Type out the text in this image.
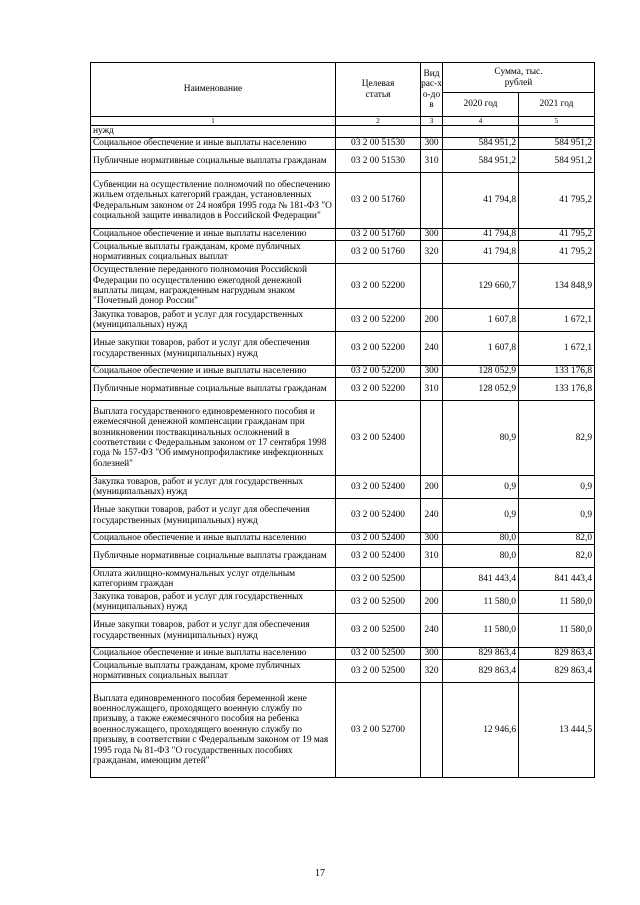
Наименование	Целевая статья	Вид рас-хо-дов	Сумма, тыс. рублей	
			2020 год	2021 год
1	2	3	4	5
нужд				
Социальное обеспечение и иные выплаты населению	03 2 00 51530	300	584 951,2	584 951,2
Публичные нормативные социальные выплаты гражданам	03 2 00 51530	310	584 951,2	584 951,2
Субвенции на осуществление полномочий по обеспечению жильем отдельных категорий граждан, установленных Федеральным законом от 24 ноября 1995 года № 181-ФЗ "О социальной защите инвалидов в Российской Федерации"	03 2 00 51760		41 794,8	41 795,2
Социальное обеспечение и иные выплаты населению	03 2 00 51760	300	41 794,8	41 795,2
Социальные выплаты гражданам, кроме публичных нормативных социальных выплат	03 2 00 51760	320	41 794,8	41 795,2
Осуществление переданного полномочия Российской Федерации по осуществлению ежегодной денежной выплаты лицам, награжденным нагрудным знаком "Почетный донор России"	03 2 00 52200		129 660,7	134 848,9
Закупка товаров, работ и услуг для государственных (муниципальных) нужд	03 2 00 52200	200	1 607,8	1 672,1
Иные закупки товаров, работ и услуг для обеспечения государственных (муниципальных) нужд	03 2 00 52200	240	1 607,8	1 672,1
Социальное обеспечение и иные выплаты населению	03 2 00 52200	300	128 052,9	133 176,8
Публичные нормативные социальные выплаты гражданам	03 2 00 52200	310	128 052,9	133 176,8
Выплата государственного единовременного пособия и ежемесячной денежной компенсации гражданам при возникновении поствакцинальных осложнений в соответствии с Федеральным законом от 17 сентября 1998 года № 157-ФЗ "Об иммунопрофилактике инфекционных болезней"	03 2 00 52400		80,9	82,9
Закупка товаров, работ и услуг для государственных (муниципальных) нужд	03 2 00 52400	200	0,9	0,9
Иные закупки товаров, работ и услуг для обеспечения государственных (муниципальных) нужд	03 2 00 52400	240	0,9	0,9
Социальное обеспечение и иные выплаты населению	03 2 00 52400	300	80,0	82,0
Публичные нормативные социальные выплаты гражданам	03 2 00 52400	310	80,0	82,0
Оплата жилищно-коммунальных услуг отдельным категориям граждан	03 2 00 52500		841 443,4	841 443,4
Закупка товаров, работ и услуг для государственных (муниципальных) нужд	03 2 00 52500	200	11 580,0	11 580,0
Иные закупки товаров, работ и услуг для обеспечения государственных (муниципальных) нужд	03 2 00 52500	240	11 580,0	11 580,0
Социальное обеспечение и иные выплаты населению	03 2 00 52500	300	829 863,4	829 863,4
Социальные выплаты гражданам, кроме публичных нормативных социальных выплат	03 2 00 52500	320	829 863,4	829 863,4
Выплата единовременного пособия беременной жене военнослужащего, проходящего военную службу по призыву, а также ежемесячного пособия на ребенка военнослужащего, проходящего военную службу по призыву, в соответствии с Федеральным законом от 19 мая 1995 года № 81-ФЗ "О государственных пособиях гражданам, имеющим детей"	03 2 00 52700		12 946,6	13 444,5
17
